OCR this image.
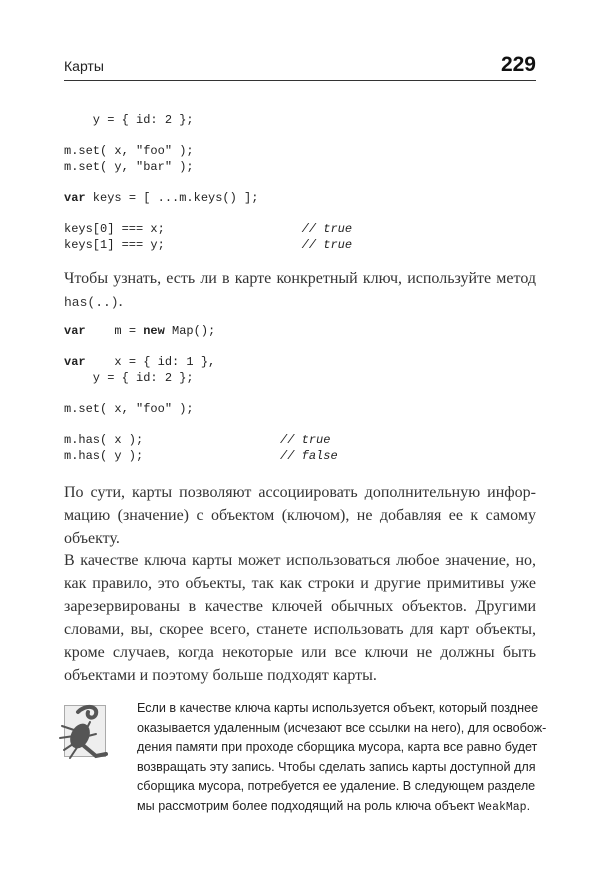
Карты	229
y = { id: 2 };

m.set( x, "foo" );
m.set( y, "bar" );

var keys = [ ...m.keys() ];

keys[0] === x;                   // true
keys[1] === y;                   // true

Чтобы узнать, есть ли в карте конкретный ключ, используйте метод
has(..).
var    m = new Map();

var    x = { id: 1 },
y = { id: 2 };

m.set( x, "foo" );

m.has( x );                   // true
m.has( y );                   // false

По сути, карты позволяют ассоциировать дополнительную инфор-
мацию (значение) с объектом (ключом), не добавляя ее к самому
объекту.
В качестве ключа карты может использоваться любое значение, но,
как правило, это объекты, так как строки и другие примитивы уже
зарезервированы в качестве ключей обычных объектов. Другими
словами, вы, скорее всего, станете использовать для карт объекты,
кроме случаев, когда некоторые или все ключи не должны быть
объектами и поэтому больше подходят карты.
Если в качестве ключа карты используется объект, который позднее
оказывается удаленным (исчезают все ссылки на него), для освобож-
дения памяти при проходе сборщика мусора, карта все равно будет
возвращать эту запись. Чтобы сделать запись карты доступной для
сборщика мусора, потребуется ее удаление. В следующем разделе
мы рассмотрим более подходящий на роль ключа объект WeakMap.
